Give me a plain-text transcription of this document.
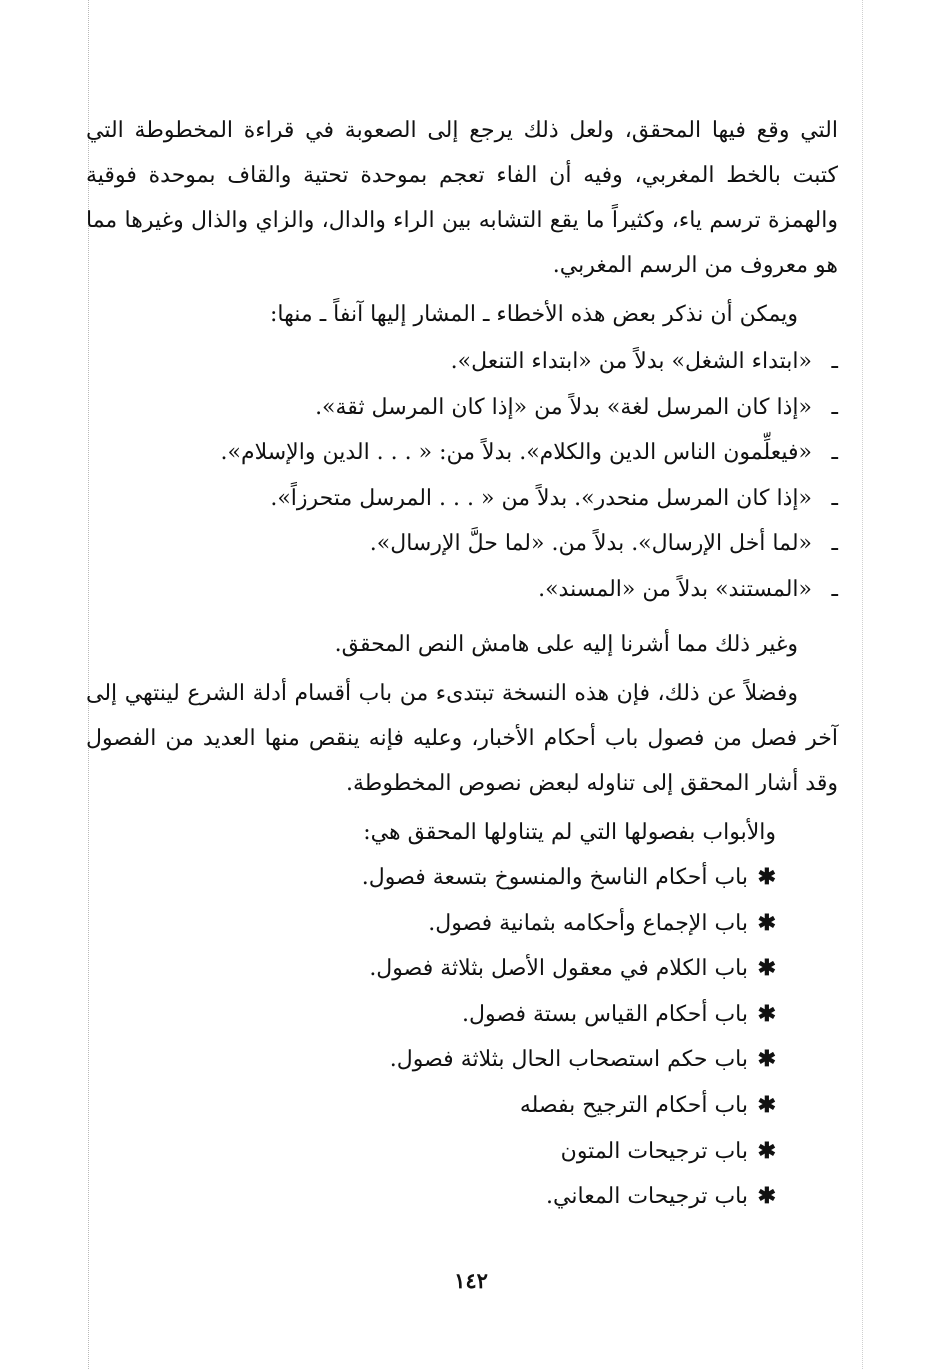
التي وقع فيها المحقق، ولعل ذلك يرجع إلى الصعوبة في قراءة المخطوطة التي كتبت بالخط المغربي، وفيه أن الفاء تعجم بموحدة تحتية والقاف بموحدة فوقية والهمزة ترسم ياء، وكثيراً ما يقع التشابه بين الراء والدال، والزاي والذال وغيرها مما هو معروف من الرسم المغربي.

ويمكن أن نذكر بعض هذه الأخطاء ـ المشار إليها آنفاً ـ منها:

ـ«ابتداء الشغل» بدلاً من «ابتداء التنعل».
ـ«إذا كان المرسل لغة» بدلاً من «إذا كان المرسل ثقة».
ـ«فيعلِّمون الناس الدين والكلام». بدلاً من: « . . . الدين والإسلام».
ـ«إذا كان المرسل منحدر». بدلاً من « . . . المرسل متحرزاً».
ـ«لما أخل الإرسال». بدلاً من. «لما حلَّ الإرسال».
ـ«المستند» بدلاً من «المسند».

وغير ذلك مما أشرنا إليه على هامش النص المحقق.

وفضلاً عن ذلك، فإن هذه النسخة تبتدىء من باب أقسام أدلة الشرع لينتهي إلى آخر فصل من فصول باب أحكام الأخبار، وعليه فإنه ينقص منها العديد من الفصول وقد أشار المحقق إلى تناوله لبعض نصوص المخطوطة.

والأبواب بفصولها التي لم يتناولها المحقق هي:

✱باب أحكام الناسخ والمنسوخ بتسعة فصول.
✱باب الإجماع وأحكامه بثمانية فصول.
✱باب الكلام في معقول الأصل بثلاثة فصول.
✱باب أحكام القياس بستة فصول.
✱باب حكم استصحاب الحال بثلاثة فصول.
✱باب أحكام الترجيح بفصله
✱باب ترجيحات المتون
✱باب ترجيحات المعاني.
١٤٢
